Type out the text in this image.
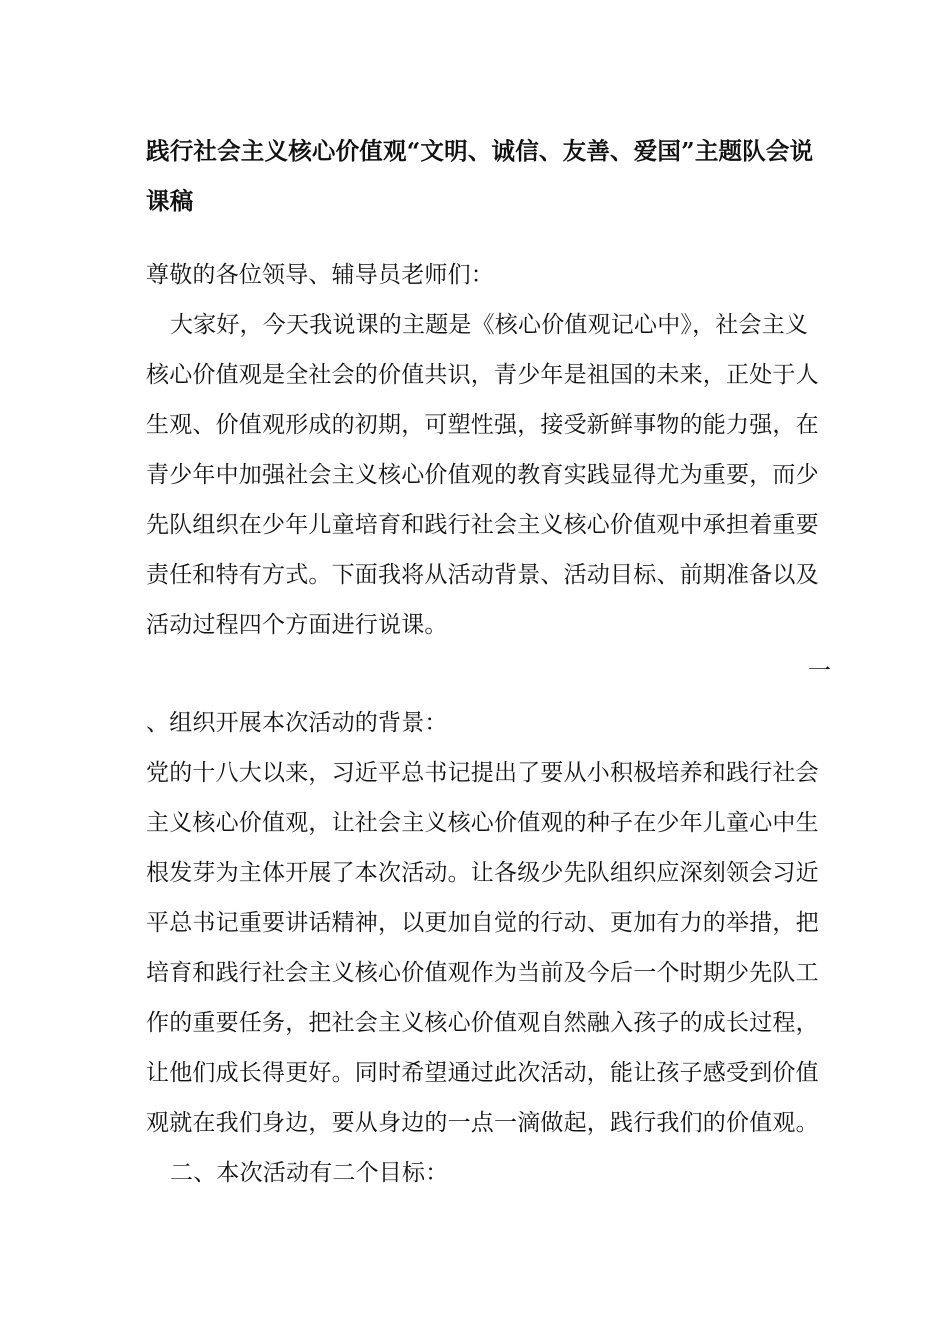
践行社会主义核心价值观“文明、诚信、友善、爱国”主题队会说
课稿
尊敬的各位领导、辅导员老师们：
大家好，今天我说课的主题是《核心价值观记心中》，社会主义
核心价值观是全社会的价值共识，青少年是祖国的未来，正处于人
生观、价值观形成的初期，可塑性强，接受新鲜事物的能力强，在
青少年中加强社会主义核心价值观的教育实践显得尤为重要，而少
先队组织在少年儿童培育和践行社会主义核心价值观中承担着重要
责任和特有方式。下面我将从活动背景、活动目标、前期准备以及
活动过程四个方面进行说课。
一
、组织开展本次活动的背景：
党的十八大以来，习近平总书记提出了要从小积极培养和践行社会
主义核心价值观，让社会主义核心价值观的种子在少年儿童心中生
根发芽为主体开展了本次活动。让各级少先队组织应深刻领会习近
平总书记重要讲话精神，以更加自觉的行动、更加有力的举措，把
培育和践行社会主义核心价值观作为当前及今后一个时期少先队工
作的重要任务，把社会主义核心价值观自然融入孩子的成长过程，
让他们成长得更好。同时希望通过此次活动，能让孩子感受到价值
观就在我们身边，要从身边的一点一滴做起，践行我们的价值观。
二、本次活动有二个目标：
